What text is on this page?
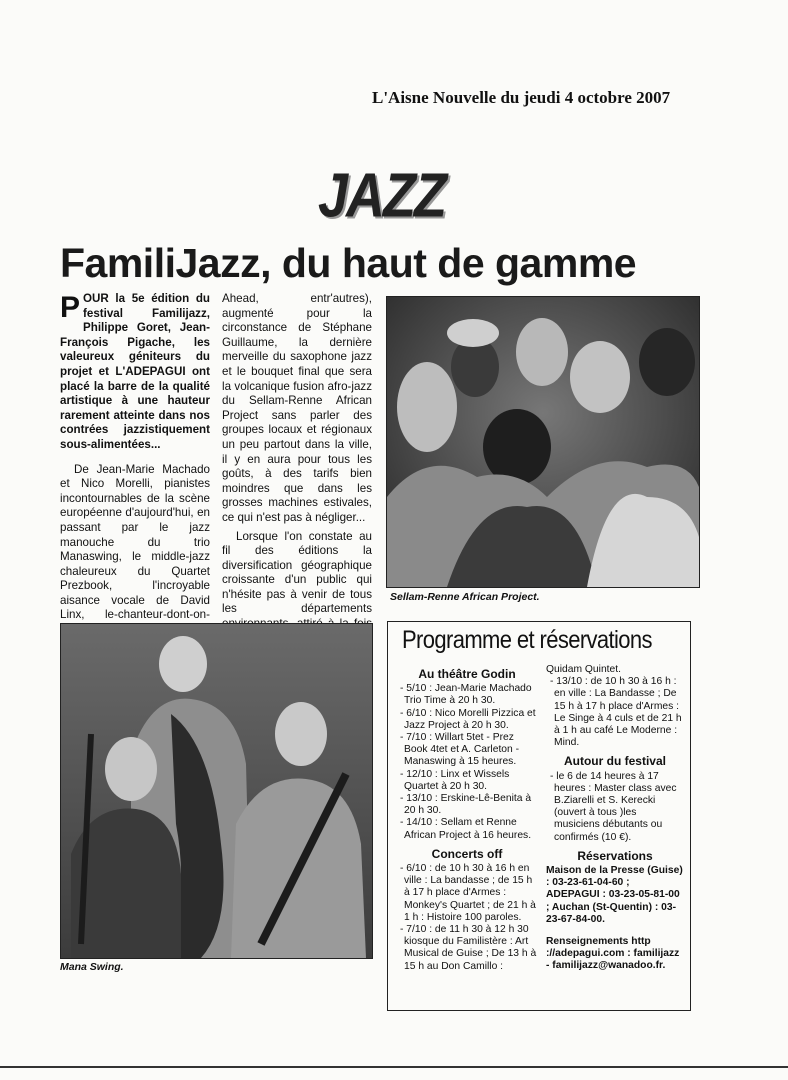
L'Aisne Nouvelle du jeudi 4 octobre 2007
JAZZ
FamiliJazz, du haut de gamme

POUR la 5e édition du festival Familijazz, Philippe Goret, Jean-François Pigache, les valeureux géniteurs du projet et L'ADEPAGUI ont placé la barre de la qualité artistique à une hauteur rarement atteinte dans nos contrées jazzistiquement sous-alimentées...

De Jean-Marie Machado et Nico Morelli, pianistes incontournables de la scène européenne d'aujourd'hui, en passant par le jazz manouche du trio Manaswing, le middle-jazz chaleureux du Quartet Prezbook, l'incroyable aisance vocale de David Linx, le-chanteur-dont-on-

Ahead, entr'autres), augmenté pour la circonstance de Stéphane Guillaume, la dernière merveille du saxophone jazz et le bouquet final que sera la volcanique fusion afro-jazz du Sellam-Renne African Project sans parler des groupes locaux et régionaux un peu partout dans la ville, il y en aura pour tous les goûts, à des tarifs bien moindres que dans les grosses machines estivales, ce qui n'est pas à négliger...

Lorsque l'on constate au fil des éditions la diversification géographique croissante d'un public qui n'hésite pas à venir de tous les départements

Sellam-Renne African Project.
Mana Swing.
Programme et réservations
Au théâtre Godin
- 5/10 : Jean-Marie Machado Trio Time à 20 h 30.
- 6/10 : Nico Morelli Pizzica et Jazz Project à 20 h 30.
- 7/10 : Willart 5tet - Prez Book 4tet et A. Carleton - Manaswing à 15 heures.
- 12/10 : Linx et Wissels Quartet à 20 h 30.
- 13/10 : Erskine-Lê-Benita à 20 h 30.
- 14/10 : Sellam et Renne African Project à 16 heures.
Concerts off
- 6/10 : de 10 h 30 à 16 h en ville : La bandasse ; de 15 h à 17 h place d'Armes : Monkey's Quartet ; de 21 h à 1 h : Histoire 100 paroles.
- 7/10 : de 11 h 30 à 12 h 30 kiosque du Familistère : Art Musical de Guise ; De 13 h à 15 h au Don Camillo :
Quidam Quintet.
- 13/10 : de 10 h 30 à 16 h : en ville : La Bandasse ; De 15 h à 17 h place d'Armes : Le Singe à 4 culs et de 21 h à 1 h au café Le Moderne : Mind.
Autour du festival
- le 6 de 14 heures à 17 heures : Master class avec B.Ziarelli et S. Kerecki (ouvert à tous )les musiciens débutants ou confirmés (10 €).
Réservations
Maison de la Presse (Guise) : 03-23-61-04-60 ; ADEPAGUI : 03-23-05-81-00 ; Auchan (St-Quentin) : 03-23-67-84-00.
Renseignements http ://adepagui.com : familijazz - familijazz@wanadoo.fr.
